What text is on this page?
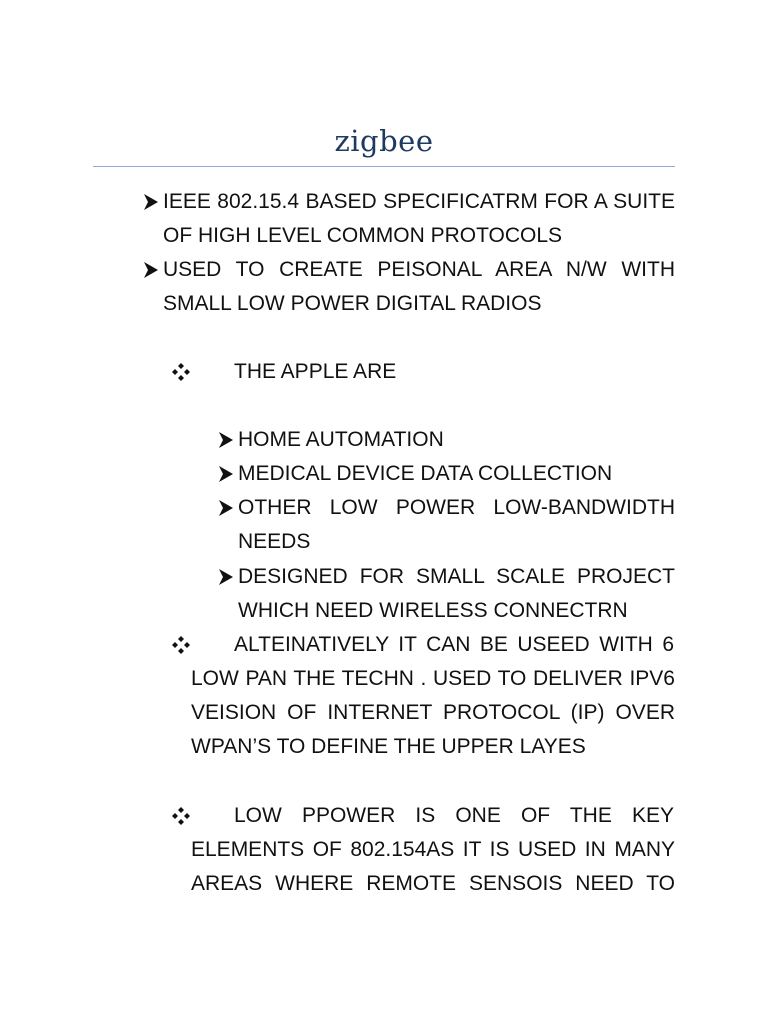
zigbee
IEEE 802.15.4 BASED SPECIFICATRM FOR A SUITE
OF HIGH LEVEL COMMON PROTOCOLS
USED TO CREATE PEISONAL AREA N/W WITH
SMALL LOW POWER DIGITAL RADIOS
THE APPLE ARE
HOME AUTOMATION
MEDICAL DEVICE DATA COLLECTION
OTHER LOW POWER LOW-BANDWIDTH
NEEDS
DESIGNED FOR SMALL SCALE PROJECT
WHICH NEED WIRELESS CONNECTRN
ALTEINATIVELY IT CAN BE USEED WITH 6
LOW PAN THE TECHN . USED TO DELIVER IPV6
VEISION OF INTERNET PROTOCOL (IP) OVER
WPAN’S TO DEFINE THE UPPER LAYES
LOW PPOWER IS ONE OF THE KEY
ELEMENTS OF 802.154AS IT IS USED IN MANY
AREAS WHERE REMOTE SENSOIS NEED TO
